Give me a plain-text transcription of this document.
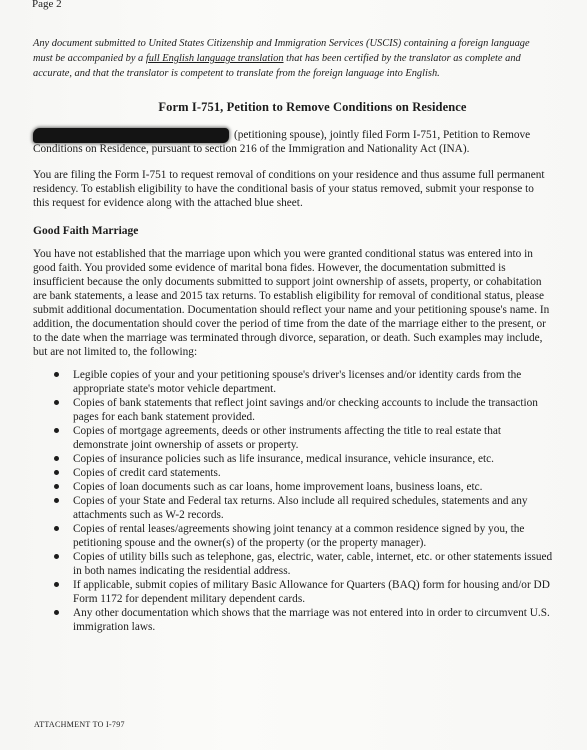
Page 2
Any document submitted to United States Citizenship and Immigration Services (USCIS) containing a foreign language must be accompanied by a full English language translation that has been certified by the translator as complete and accurate, and that the translator is competent to translate from the foreign language into English.
Form I-751, Petition to Remove Conditions on Residence
(petitioning spouse), jointly filed Form I-751, Petition to Remove Conditions on Residence, pursuant to section 216 of the Immigration and Nationality Act (INA).
You are filing the Form I-751 to request removal of conditions on your residence and thus assume full permanent residency. To establish eligibility to have the conditional basis of your status removed, submit your response to this request for evidence along with the attached blue sheet.
Good Faith Marriage
You have not established that the marriage upon which you were granted conditional status was entered into in good faith. You provided some evidence of marital bona fides. However, the documentation submitted is insufficient because the only documents submitted to support joint ownership of assets, property, or cohabitation are bank statements, a lease and 2015 tax returns. To establish eligibility for removal of conditional status, please submit additional documentation. Documentation should reflect your name and your petitioning spouse's name. In addition, the documentation should cover the period of time from the date of the marriage either to the present, or to the date when the marriage was terminated through divorce, separation, or death. Such examples may include, but are not limited to, the following:
Legible copies of your and your petitioning spouse's driver's licenses and/or identity cards from the appropriate state's motor vehicle department.
Copies of bank statements that reflect joint savings and/or checking accounts to include the transaction pages for each bank statement provided.
Copies of mortgage agreements, deeds or other instruments affecting the title to real estate that demonstrate joint ownership of assets or property.
Copies of insurance policies such as life insurance, medical insurance, vehicle insurance, etc.
Copies of credit card statements.
Copies of loan documents such as car loans, home improvement loans, business loans, etc.
Copies of your State and Federal tax returns. Also include all required schedules, statements and any attachments such as W-2 records.
Copies of rental leases/agreements showing joint tenancy at a common residence signed by you, the petitioning spouse and the owner(s) of the property (or the property manager).
Copies of utility bills such as telephone, gas, electric, water, cable, internet, etc. or other statements issued in both names indicating the residential address.
If applicable, submit copies of military Basic Allowance for Quarters (BAQ) form for housing and/or DD Form 1172 for dependent military dependent cards.
Any other documentation which shows that the marriage was not entered into in order to circumvent U.S. immigration laws.
ATTACHMENT TO I-797
